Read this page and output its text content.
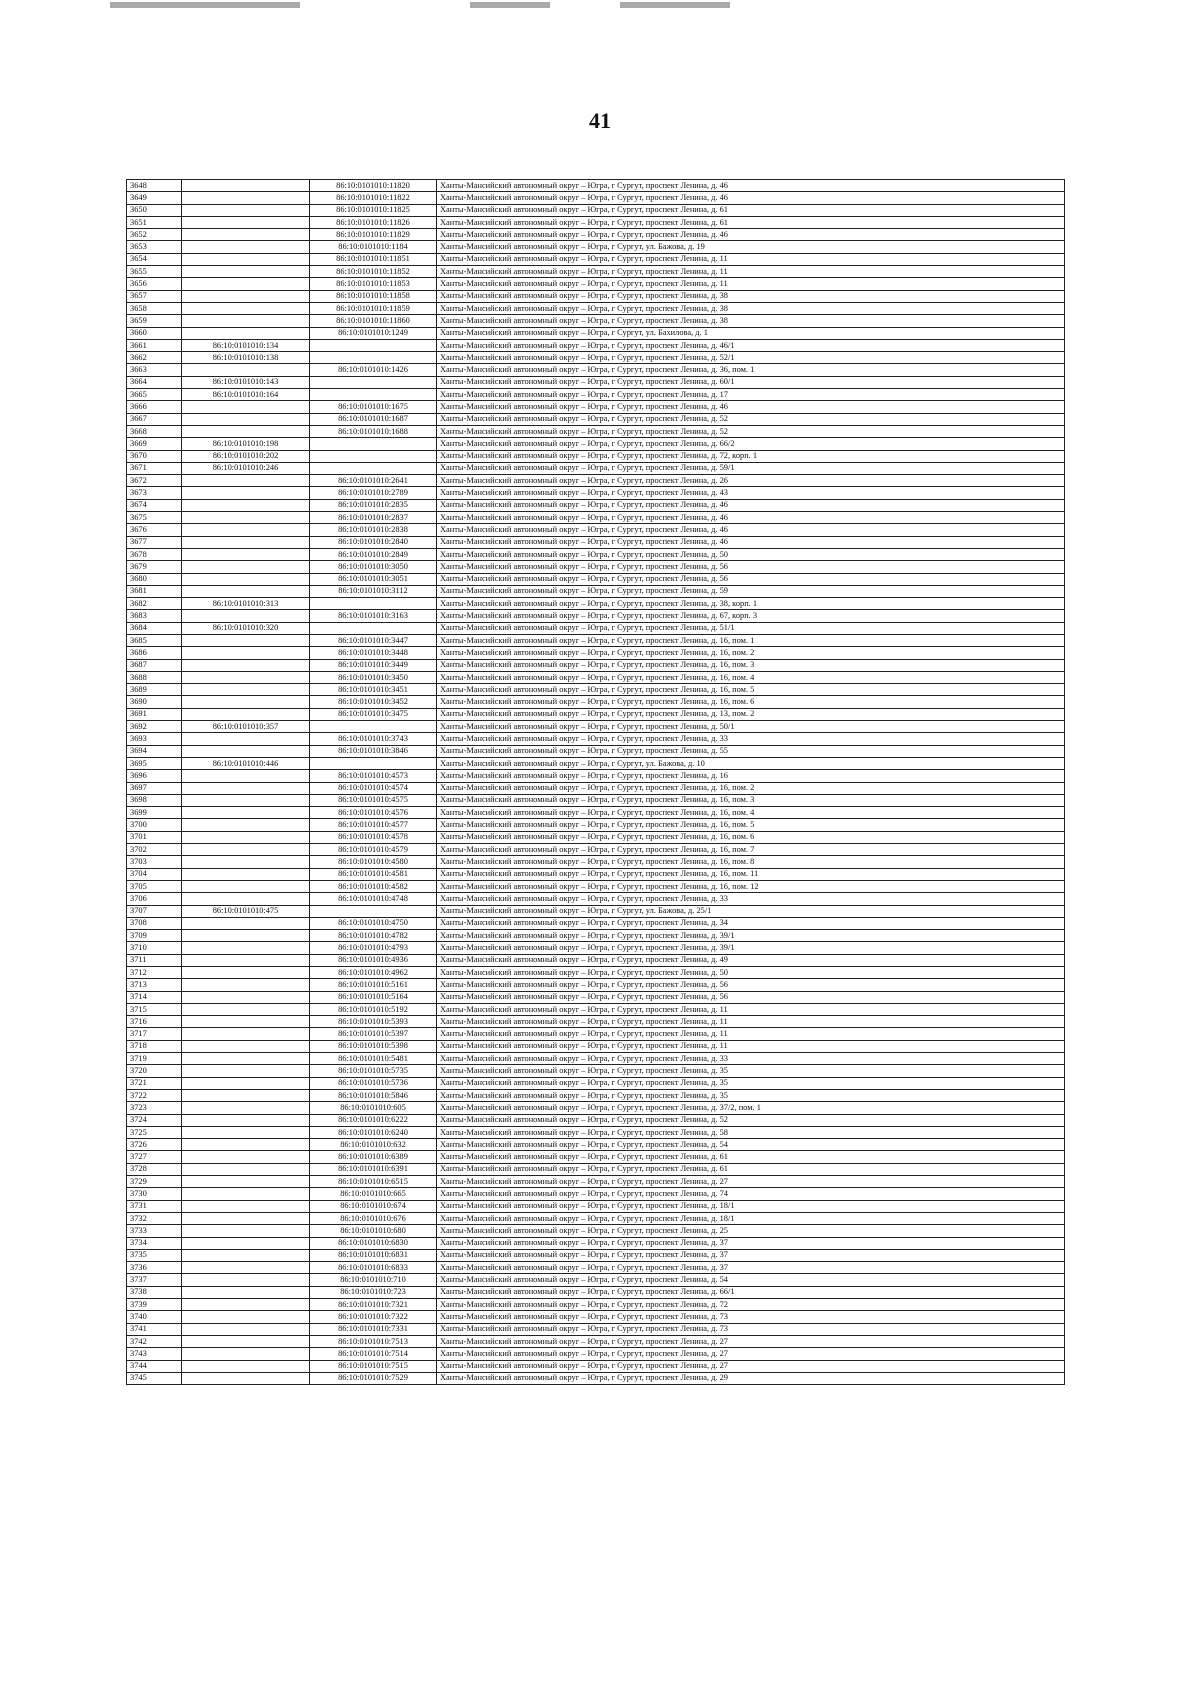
41
3648		86:10:0101010:11820	Ханты-Мансийский автономный округ – Югра, г Сургут, проспект Ленина, д. 46
3649		86:10:0101010:11822	Ханты-Мансийский автономный округ – Югра, г Сургут, проспект Ленина, д. 46
3650		86:10:0101010:11825	Ханты-Мансийский автономный округ – Югра, г Сургут, проспект Ленина, д. 61
3651		86:10:0101010:11826	Ханты-Мансийский автономный округ – Югра, г Сургут, проспект Ленина, д. 61
3652		86:10:0101010:11829	Ханты-Мансийский автономный округ – Югра, г Сургут, проспект Ленина, д. 46
3653		86:10:0101010:1184	Ханты-Мансийский автономный округ – Югра, г Сургут, ул. Бажова, д. 19
3654		86:10:0101010:11851	Ханты-Мансийский автономный округ – Югра, г Сургут, проспект Ленина, д. 11
3655		86:10:0101010:11852	Ханты-Мансийский автономный округ – Югра, г Сургут, проспект Ленина, д. 11
3656		86:10:0101010:11853	Ханты-Мансийский автономный округ – Югра, г Сургут, проспект Ленина, д. 11
3657		86:10:0101010:11858	Ханты-Мансийский автономный округ – Югра, г Сургут, проспект Ленина, д. 38
3658		86:10:0101010:11859	Ханты-Мансийский автономный округ – Югра, г Сургут, проспект Ленина, д. 38
3659		86:10:0101010:11860	Ханты-Мансийский автономный округ – Югра, г Сургут, проспект Ленина, д. 38
3660		86:10:0101010:1249	Ханты-Мансийский автономный округ – Югра, г Сургут, ул. Бахилова, д. 1
3661	86:10:0101010:134		Ханты-Мансийский автономный округ – Югра, г Сургут, проспект Ленина, д. 46/1
3662	86:10:0101010:138		Ханты-Мансийский автономный округ – Югра, г Сургут, проспект Ленина, д. 52/1
3663		86:10:0101010:1426	Ханты-Мансийский автономный округ – Югра, г Сургут, проспект Ленина, д. 36, пом. 1
3664	86:10:0101010:143		Ханты-Мансийский автономный округ – Югра, г Сургут, проспект Ленина, д. 60/1
3665	86:10:0101010:164		Ханты-Мансийский автономный округ – Югра, г Сургут, проспект Ленина, д. 17
3666		86:10:0101010:1675	Ханты-Мансийский автономный округ – Югра, г Сургут, проспект Ленина, д. 46
3667		86:10:0101010:1687	Ханты-Мансийский автономный округ – Югра, г Сургут, проспект Ленина, д. 52
3668		86:10:0101010:1688	Ханты-Мансийский автономный округ – Югра, г Сургут, проспект Ленина, д. 52
3669	86:10:0101010:198		Ханты-Мансийский автономный округ – Югра, г Сургут, проспект Ленина, д. 66/2
3670	86:10:0101010:202		Ханты-Мансийский автономный округ – Югра, г Сургут, проспект Ленина, д. 72, корп. 1
3671	86:10:0101010:246		Ханты-Мансийский автономный округ – Югра, г Сургут, проспект Ленина, д. 59/1
3672		86:10:0101010:2641	Ханты-Мансийский автономный округ – Югра, г Сургут, проспект Ленина, д. 26
3673		86:10:0101010:2789	Ханты-Мансийский автономный округ – Югра, г Сургут, проспект Ленина, д. 43
3674		86:10:0101010:2835	Ханты-Мансийский автономный округ – Югра, г Сургут, проспект Ленина, д. 46
3675		86:10:0101010:2837	Ханты-Мансийский автономный округ – Югра, г Сургут, проспект Ленина, д. 46
3676		86:10:0101010:2838	Ханты-Мансийский автономный округ – Югра, г Сургут, проспект Ленина, д. 46
3677		86:10:0101010:2840	Ханты-Мансийский автономный округ – Югра, г Сургут, проспект Ленина, д. 46
3678		86:10:0101010:2849	Ханты-Мансийский автономный округ – Югра, г Сургут, проспект Ленина, д. 50
3679		86:10:0101010:3050	Ханты-Мансийский автономный округ – Югра, г Сургут, проспект Ленина, д. 56
3680		86:10:0101010:3051	Ханты-Мансийский автономный округ – Югра, г Сургут, проспект Ленина, д. 56
3681		86:10:0101010:3112	Ханты-Мансийский автономный округ – Югра, г Сургут, проспект Ленина, д. 59
3682	86:10:0101010:313		Ханты-Мансийский автономный округ – Югра, г Сургут, проспект Ленина, д. 38, корп. 1
3683		86:10:0101010:3163	Ханты-Мансийский автономный округ – Югра, г Сургут, проспект Ленина, д. 67, корп. 3
3684	86:10:0101010:320		Ханты-Мансийский автономный округ – Югра, г Сургут, проспект Ленина, д. 51/1
3685		86:10:0101010:3447	Ханты-Мансийский автономный округ – Югра, г Сургут, проспект Ленина, д. 16, пом. 1
3686		86:10:0101010:3448	Ханты-Мансийский автономный округ – Югра, г Сургут, проспект Ленина, д. 16, пом. 2
3687		86:10:0101010:3449	Ханты-Мансийский автономный округ – Югра, г Сургут, проспект Ленина, д. 16, пом. 3
3688		86:10:0101010:3450	Ханты-Мансийский автономный округ – Югра, г Сургут, проспект Ленина, д. 16, пом. 4
3689		86:10:0101010:3451	Ханты-Мансийский автономный округ – Югра, г Сургут, проспект Ленина, д. 16, пом. 5
3690		86:10:0101010:3452	Ханты-Мансийский автономный округ – Югра, г Сургут, проспект Ленина, д. 16, пом. 6
3691		86:10:0101010:3475	Ханты-Мансийский автономный округ – Югра, г Сургут, проспект Ленина, д. 13, пом. 2
3692	86:10:0101010:357		Ханты-Мансийский автономный округ – Югра, г Сургут, проспект Ленина, д. 50/1
3693		86:10:0101010:3743	Ханты-Мансийский автономный округ – Югра, г Сургут, проспект Ленина, д. 33
3694		86:10:0101010:3846	Ханты-Мансийский автономный округ – Югра, г Сургут, проспект Ленина, д. 55
3695	86:10:0101010:446		Ханты-Мансийский автономный округ – Югра, г Сургут, ул. Бажова, д. 10
3696		86:10:0101010:4573	Ханты-Мансийский автономный округ – Югра, г Сургут, проспект Ленина, д. 16
3697		86:10:0101010:4574	Ханты-Мансийский автономный округ – Югра, г Сургут, проспект Ленина, д. 16, пом. 2
3698		86:10:0101010:4575	Ханты-Мансийский автономный округ – Югра, г Сургут, проспект Ленина, д. 16, пом. 3
3699		86:10:0101010:4576	Ханты-Мансийский автономный округ – Югра, г Сургут, проспект Ленина, д. 16, пом. 4
3700		86:10:0101010:4577	Ханты-Мансийский автономный округ – Югра, г Сургут, проспект Ленина, д. 16, пом. 5
3701		86:10:0101010:4578	Ханты-Мансийский автономный округ – Югра, г Сургут, проспект Ленина, д. 16, пом. 6
3702		86:10:0101010:4579	Ханты-Мансийский автономный округ – Югра, г Сургут, проспект Ленина, д. 16, пом. 7
3703		86:10:0101010:4580	Ханты-Мансийский автономный округ – Югра, г Сургут, проспект Ленина, д. 16, пом. 8
3704		86:10:0101010:4581	Ханты-Мансийский автономный округ – Югра, г Сургут, проспект Ленина, д. 16, пом. 11
3705		86:10:0101010:4582	Ханты-Мансийский автономный округ – Югра, г Сургут, проспект Ленина, д. 16, пом. 12
3706		86:10:0101010:4748	Ханты-Мансийский автономный округ – Югра, г Сургут, проспект Ленина, д. 33
3707	86:10:0101010:475		Ханты-Мансийский автономный округ – Югра, г Сургут, ул. Бажова, д. 25/1
3708		86:10:0101010:4750	Ханты-Мансийский автономный округ – Югра, г Сургут, проспект Ленина, д. 34
3709		86:10:0101010:4782	Ханты-Мансийский автономный округ – Югра, г Сургут, проспект Ленина, д. 39/1
3710		86:10:0101010:4793	Ханты-Мансийский автономный округ – Югра, г Сургут, проспект Ленина, д. 39/1
3711		86:10:0101010:4936	Ханты-Мансийский автономный округ – Югра, г Сургут, проспект Ленина, д. 49
3712		86:10:0101010:4962	Ханты-Мансийский автономный округ – Югра, г Сургут, проспект Ленина, д. 50
3713		86:10:0101010:5161	Ханты-Мансийский автономный округ – Югра, г Сургут, проспект Ленина, д. 56
3714		86:10:0101010:5164	Ханты-Мансийский автономный округ – Югра, г Сургут, проспект Ленина, д. 56
3715		86:10:0101010:5192	Ханты-Мансийский автономный округ – Югра, г Сургут, проспект Ленина, д. 11
3716		86:10:0101010:5393	Ханты-Мансийский автономный округ – Югра, г Сургут, проспект Ленина, д. 11
3717		86:10:0101010:5397	Ханты-Мансийский автономный округ – Югра, г Сургут, проспект Ленина, д. 11
3718		86:10:0101010:5398	Ханты-Мансийский автономный округ – Югра, г Сургут, проспект Ленина, д. 11
3719		86:10:0101010:5481	Ханты-Мансийский автономный округ – Югра, г Сургут, проспект Ленина, д. 33
3720		86:10:0101010:5735	Ханты-Мансийский автономный округ – Югра, г Сургут, проспект Ленина, д. 35
3721		86:10:0101010:5736	Ханты-Мансийский автономный округ – Югра, г Сургут, проспект Ленина, д. 35
3722		86:10:0101010:5846	Ханты-Мансийский автономный округ – Югра, г Сургут, проспект Ленина, д. 35
3723		86:10:0101010:605	Ханты-Мансийский автономный округ – Югра, г Сургут, проспект Ленина, д. 37/2, пом. 1
3724		86:10:0101010:6222	Ханты-Мансийский автономный округ – Югра, г Сургут, проспект Ленина, д. 52
3725		86:10:0101010:6240	Ханты-Мансийский автономный округ – Югра, г Сургут, проспект Ленина, д. 58
3726		86:10:0101010:632	Ханты-Мансийский автономный округ – Югра, г Сургут, проспект Ленина, д. 54
3727		86:10:0101010:6389	Ханты-Мансийский автономный округ – Югра, г Сургут, проспект Ленина, д. 61
3728		86:10:0101010:6391	Ханты-Мансийский автономный округ – Югра, г Сургут, проспект Ленина, д. 61
3729		86:10:0101010:6515	Ханты-Мансийский автономный округ – Югра, г Сургут, проспект Ленина, д. 27
3730		86:10:0101010:665	Ханты-Мансийский автономный округ – Югра, г Сургут, проспект Ленина, д. 74
3731		86:10:0101010:674	Ханты-Мансийский автономный округ – Югра, г Сургут, проспект Ленина, д. 18/1
3732		86:10:0101010:676	Ханты-Мансийский автономный округ – Югра, г Сургут, проспект Ленина, д. 18/1
3733		86:10:0101010:680	Ханты-Мансийский автономный округ – Югра, г Сургут, проспект Ленина, д. 25
3734		86:10:0101010:6830	Ханты-Мансийский автономный округ – Югра, г Сургут, проспект Ленина, д. 37
3735		86:10:0101010:6831	Ханты-Мансийский автономный округ – Югра, г Сургут, проспект Ленина, д. 37
3736		86:10:0101010:6833	Ханты-Мансийский автономный округ – Югра, г Сургут, проспект Ленина, д. 37
3737		86:10:0101010:710	Ханты-Мансийский автономный округ – Югра, г Сургут, проспект Ленина, д. 54
3738		86:10:0101010:723	Ханты-Мансийский автономный округ – Югра, г Сургут, проспект Ленина, д. 66/1
3739		86:10:0101010:7321	Ханты-Мансийский автономный округ – Югра, г Сургут, проспект Ленина, д. 72
3740		86:10:0101010:7322	Ханты-Мансийский автономный округ – Югра, г Сургут, проспект Ленина, д. 73
3741		86:10:0101010:7331	Ханты-Мансийский автономный округ – Югра, г Сургут, проспект Ленина, д. 73
3742		86:10:0101010:7513	Ханты-Мансийский автономный округ – Югра, г Сургут, проспект Ленина, д. 27
3743		86:10:0101010:7514	Ханты-Мансийский автономный округ – Югра, г Сургут, проспект Ленина, д. 27
3744		86:10:0101010:7515	Ханты-Мансийский автономный округ – Югра, г Сургут, проспект Ленина, д. 27
3745		86:10:0101010:7529	Ханты-Мансийский автономный округ – Югра, г Сургут, проспект Ленина, д. 29
